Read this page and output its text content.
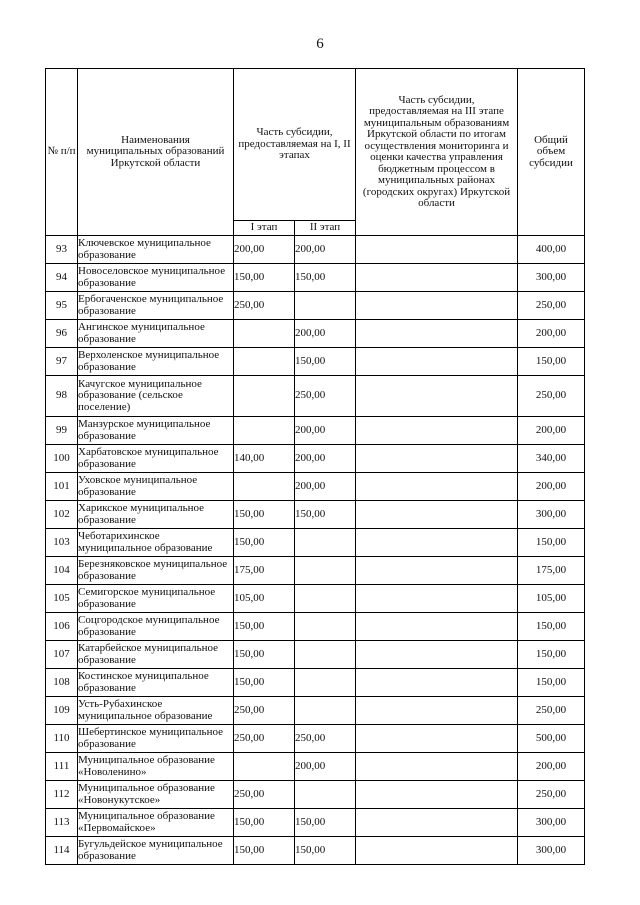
6
№ п/п	Наименования муниципальных образований Иркутской области	Часть субсидии, предоставляемая на I, II этапах		Часть субсидии, предоставляемая на III этапе муниципальным образованиям Иркутской области по итогам осуществления мониторинга и оценки качества управления бюджетным процессом в муниципальных районах (городских округах) Иркутской области	Общий объем субсидии
		I этап	II этап		
93	Ключевское муниципальное образование	200,00	200,00		400,00
94	Новоселовское муниципальное образование	150,00	150,00		300,00
95	Ербогаченское муниципальное образование	250,00			250,00
96	Ангинское муниципальное образование		200,00		200,00
97	Верхоленское муниципальное образование		150,00		150,00
98	Качугское муниципальное образование (сельское поселение)		250,00		250,00
99	Манзурское муниципальное образование		200,00		200,00
100	Харбатовское муниципальное образование	140,00	200,00		340,00
101	Уховское муниципальное образование		200,00		200,00
102	Харикское муниципальное образование	150,00	150,00		300,00
103	Чеботарихинское муниципальное образование	150,00			150,00
104	Березняковское муниципальное образование	175,00			175,00
105	Семигорское муниципальное образование	105,00			105,00
106	Соцгородское муниципальное образование	150,00			150,00
107	Катарбейское муниципальное образование	150,00			150,00
108	Костинское муниципальное образование	150,00			150,00
109	Усть-Рубахинское муниципальное образование	250,00			250,00
110	Шебертинское муниципальное образование	250,00	250,00		500,00
111	Муниципальное образование «Новоленино»		200,00		200,00
112	Муниципальное образование «Новонукутское»	250,00			250,00
113	Муниципальное образование «Первомайское»	150,00	150,00		300,00
114	Бугульдейское муниципальное образование	150,00	150,00		300,00
